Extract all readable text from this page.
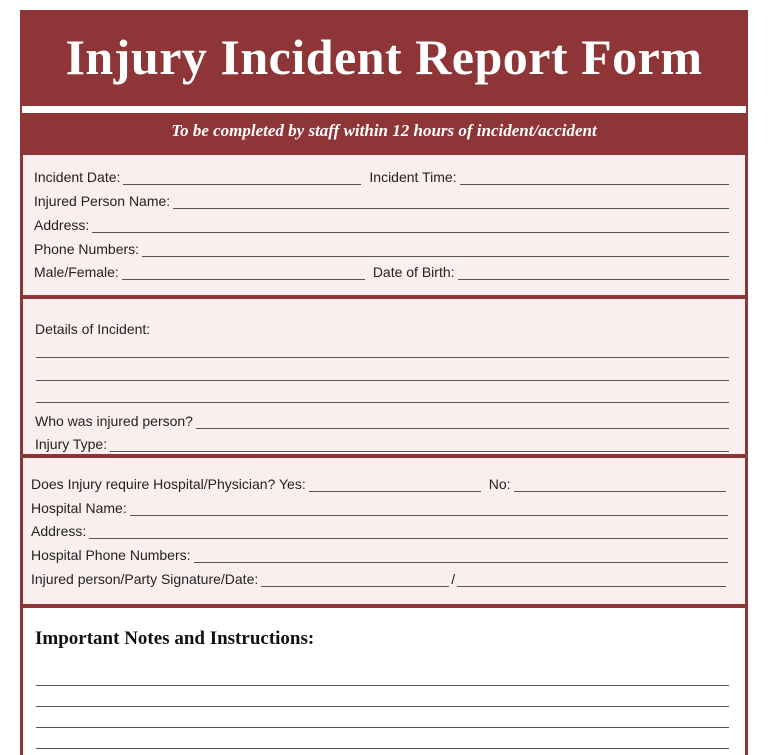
Injury Incident Report Form
To be completed by staff within 12 hours of incident/accident
Incident Date:	Incident Time:
Injured Person Name:
Address:
Phone Numbers:
Male/Female:	Date of Birth:
Details of Incident:
Who was injured person?
Injury Type:
Does Injury require Hospital/Physician? Yes:	No:
Hospital Name:
Address:
Hospital Phone Numbers:
Injured person/Party Signature/Date:	/
Important Notes and Instructions:
